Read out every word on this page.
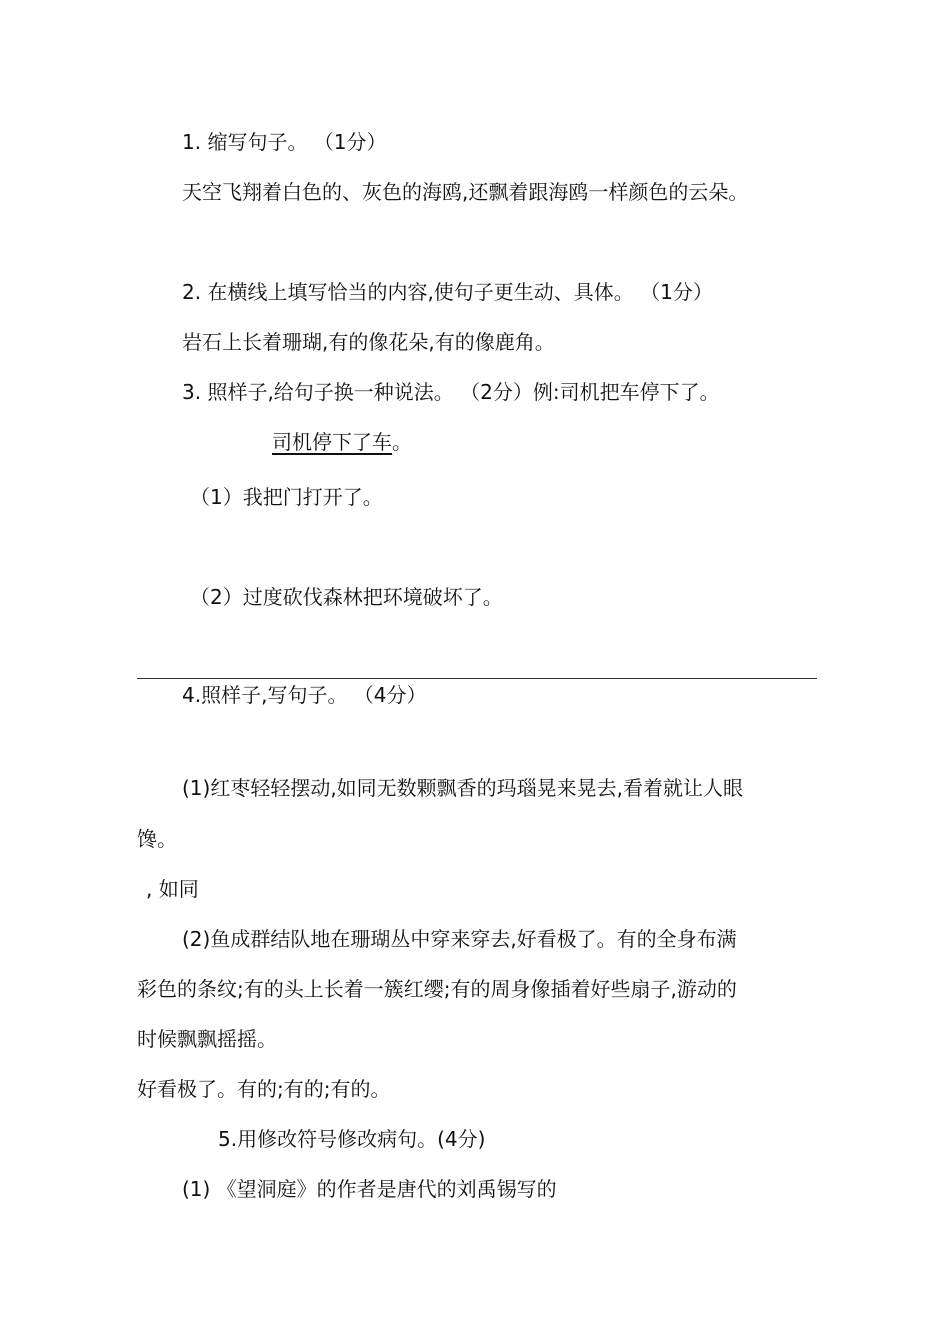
1. 缩写句子。 （1分）
天空飞翔着白色的、灰色的海鸥,还飘着跟海鸥一样颜色的云朵。
2. 在横线上填写恰当的内容,使句子更生动、具体。 （1分）
岩石上长着珊瑚,有的像花朵,有的像鹿角。
3. 照样子,给句子换一种说法。 （2分）例:司机把车停下了。
司机停下了车。
（1）我把门打开了。
（2）过度砍伐森林把环境破坏了。
4.照样子,写句子。 （4分）
(1)红枣轻轻摆动,如同无数颗飘香的玛瑙晃来晃去,看着就让人眼
馋。
, 如同
(2)鱼成群结队地在珊瑚丛中穿来穿去,好看极了。有的全身布满
彩色的条纹;有的头上长着一簇红缨;有的周身像插着好些扇子,游动的
时候飘飘摇摇。
好看极了。有的;有的;有的。
5.用修改符号修改病句。(4分)
(1) 《望洞庭》的作者是唐代的刘禹锡写的
